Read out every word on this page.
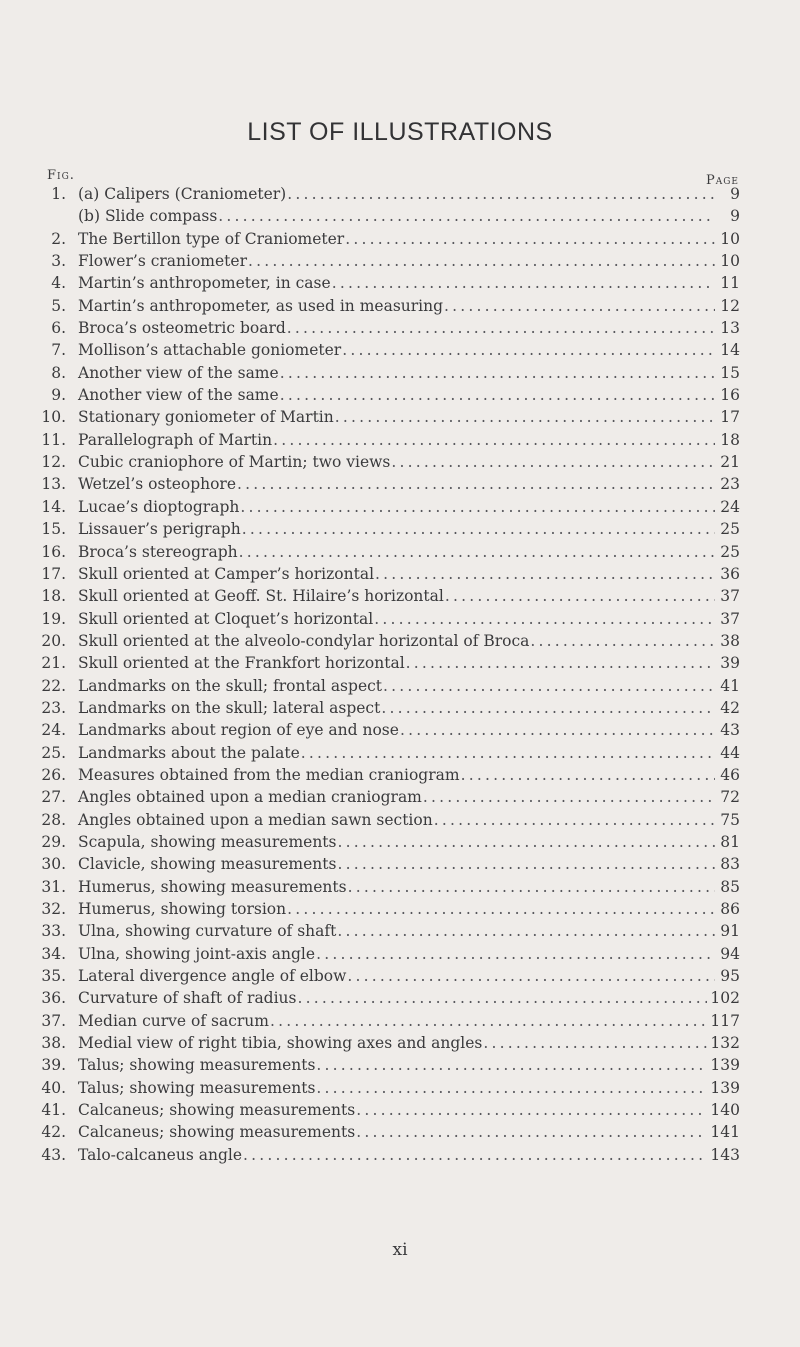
LIST OF ILLUSTRATIONS
Fig.	Page
1. (a) Calipers (Craniometer) .....	9
(b) Slide compass .....	9
2. The Bertillon type of Craniometer .....	10
3. Flower’s craniometer .....	10
4. Martin’s anthropometer, in case .....	11
5. Martin’s anthropometer, as used in measuring .....	12
6. Broca’s osteometric board .....	13
7. Mollison’s attachable goniometer .....	14
8. Another view of the same .....	15
9. Another view of the same .....	16
10. Stationary goniometer of Martin .....	17
11. Parallelograph of Martin .....	18
12. Cubic craniophore of Martin; two views .....	21
13. Wetzel’s osteophore .....	23
14. Lucae’s dioptograph .....	24
15. Lissauer’s perigraph .....	25
16. Broca’s stereograph .....	25
17. Skull oriented at Camper’s horizontal .....	36
18. Skull oriented at Geoff. St. Hilaire’s horizontal .....	37
19. Skull oriented at Cloquet’s horizontal .....	37
20. Skull oriented at the alveolo-condylar horizontal of Broca .....	38
21. Skull oriented at the Frankfort horizontal .....	39
22. Landmarks on the skull; frontal aspect .....	41
23. Landmarks on the skull; lateral aspect .....	42
24. Landmarks about region of eye and nose .....	43
25. Landmarks about the palate .....	44
26. Measures obtained from the median craniogram .....	46
27. Angles obtained upon a median craniogram .....	72
28. Angles obtained upon a median sawn section .....	75
29. Scapula, showing measurements .....	81
30. Clavicle, showing measurements .....	83
31. Humerus, showing measurements .....	85
32. Humerus, showing torsion .....	86
33. Ulna, showing curvature of shaft .....	91
34. Ulna, showing joint-axis angle .....	94
35. Lateral divergence angle of elbow .....	95
36. Curvature of shaft of radius .....	102
37. Median curve of sacrum .....	117
38. Medial view of right tibia, showing axes and angles .....	132
39. Talus; showing measurements .....	139
40. Talus; showing measurements .....	139
41. Calcaneus; showing measurements .....	140
42. Calcaneus; showing measurements .....	141
43. Talo-calcaneus angle .....	143
xi
